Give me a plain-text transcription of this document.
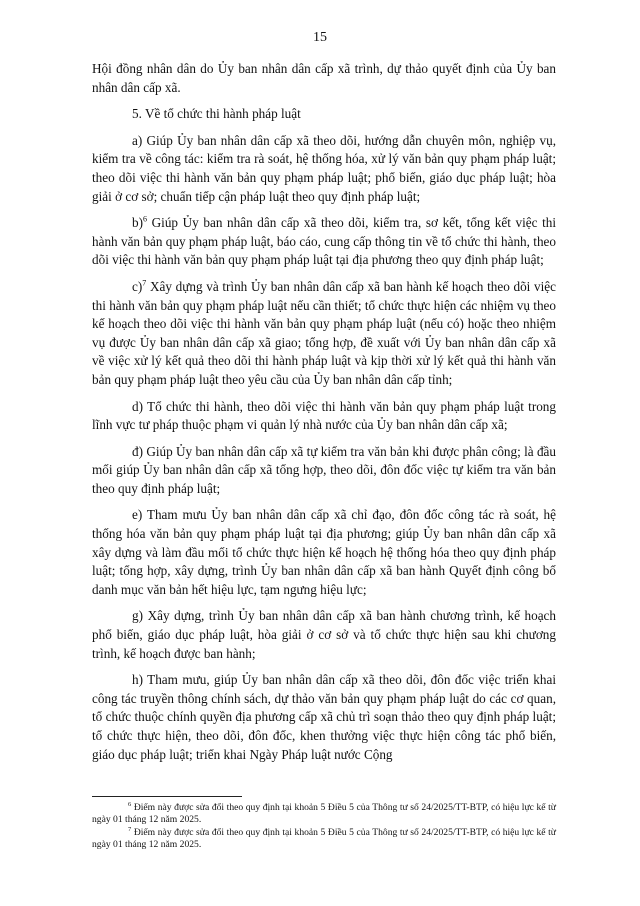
15

Hội đồng nhân dân do Ủy ban nhân dân cấp xã trình, dự thảo quyết định của Ủy ban nhân dân cấp xã.

5. Về tổ chức thi hành pháp luật

a) Giúp Ủy ban nhân dân cấp xã theo dõi, hướng dẫn chuyên môn, nghiệp vụ, kiểm tra về công tác: kiểm tra rà soát, hệ thống hóa, xử lý văn bản quy phạm pháp luật; theo dõi việc thi hành văn bản quy phạm pháp luật; phổ biến, giáo dục pháp luật; hòa giải ở cơ sở; chuẩn tiếp cận pháp luật theo quy định pháp luật;

b)$^6$ Giúp Ủy ban nhân dân cấp xã theo dõi, kiểm tra, sơ kết, tổng kết việc thi hành văn bản quy phạm pháp luật, báo cáo, cung cấp thông tin về tổ chức thi hành, theo dõi việc thi hành văn bản quy phạm pháp luật tại địa phương theo quy định pháp luật;

c)$^7$ Xây dựng và trình Ủy ban nhân dân cấp xã ban hành kế hoạch theo dõi việc thi hành văn bản quy phạm pháp luật nếu cần thiết; tổ chức thực hiện các nhiệm vụ theo kế hoạch theo dõi việc thi hành văn bản quy phạm pháp luật (nếu có) hoặc theo nhiệm vụ được Ủy ban nhân dân cấp xã giao; tổng hợp, đề xuất với Ủy ban nhân dân cấp xã về việc xử lý kết quả theo dõi thi hành pháp luật và kịp thời xử lý kết quả thi hành văn bản quy phạm pháp luật theo yêu cầu của Ủy ban nhân dân cấp tỉnh;

d) Tổ chức thi hành, theo dõi việc thi hành văn bản quy phạm pháp luật trong lĩnh vực tư pháp thuộc phạm vi quản lý nhà nước của Ủy ban nhân dân cấp xã;

đ) Giúp Ủy ban nhân dân cấp xã tự kiểm tra văn bản khi được phân công; là đầu mối giúp Ủy ban nhân dân cấp xã tổng hợp, theo dõi, đôn đốc việc tự kiểm tra văn bản theo quy định pháp luật;

e) Tham mưu Ủy ban nhân dân cấp xã chỉ đạo, đôn đốc công tác rà soát, hệ thống hóa văn bản quy phạm pháp luật tại địa phương; giúp Ủy ban nhân dân cấp xã xây dựng và làm đầu mối tổ chức thực hiện kế hoạch hệ thống hóa theo quy định pháp luật; tổng hợp, xây dựng, trình Ủy ban nhân dân cấp xã ban hành Quyết định công bố danh mục văn bản hết hiệu lực, tạm ngưng hiệu lực;

g) Xây dựng, trình Ủy ban nhân dân cấp xã ban hành chương trình, kế hoạch phổ biến, giáo dục pháp luật, hòa giải ở cơ sở và tổ chức thực hiện sau khi chương trình, kế hoạch được ban hành;

h) Tham mưu, giúp Ủy ban nhân dân cấp xã theo dõi, đôn đốc việc triển khai công tác truyền thông chính sách, dự thảo văn bản quy phạm pháp luật do các cơ quan, tổ chức thuộc chính quyền địa phương cấp xã chủ trì soạn thảo theo quy định pháp luật; tổ chức thực hiện, theo dõi, đôn đốc, khen thưởng việc thực hiện công tác phổ biến, giáo dục pháp luật; triển khai Ngày Pháp luật nước Cộng

$^6$ Điểm này được sửa đổi theo quy định tại khoản 5 Điều 5 của Thông tư số 24/2025/TT-BTP, có hiệu lực kể từ ngày 01 tháng 12 năm 2025.

$^7$ Điểm này được sửa đổi theo quy định tại khoản 5 Điều 5 của Thông tư số 24/2025/TT-BTP, có hiệu lực kể từ ngày 01 tháng 12 năm 2025.
